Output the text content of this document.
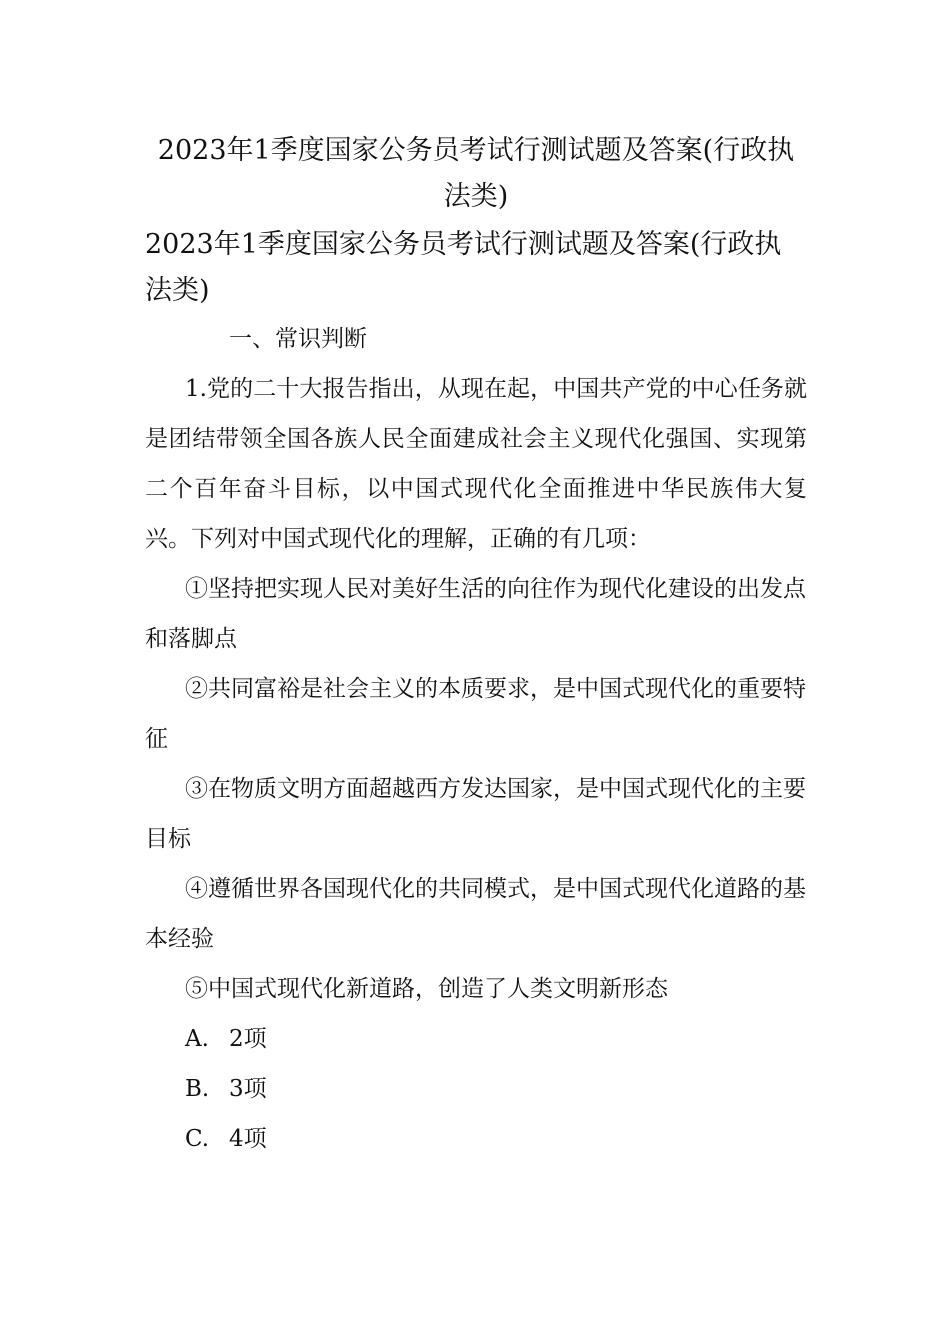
2023年1季度国家公务员考试行测试题及答案(行政执法类)
2023年1季度国家公务员考试行测试题及答案(行政执法类)

一、常识判断

1.党的二十大报告指出，从现在起，中国共产党的中心任务就是团结带领全国各族人民全面建成社会主义现代化强国、实现第二个百年奋斗目标，以中国式现代化全面推进中华民族伟大复兴。下列对中国式现代化的理解，正确的有几项：

①坚持把实现人民对美好生活的向往作为现代化建设的出发点和落脚点

②共同富裕是社会主义的本质要求，是中国式现代化的重要特征

③在物质文明方面超越西方发达国家，是中国式现代化的主要目标

④遵循世界各国现代化的共同模式，是中国式现代化道路的基本经验

⑤中国式现代化新道路，创造了人类文明新形态

A. 2项

B. 3项

C. 4项
